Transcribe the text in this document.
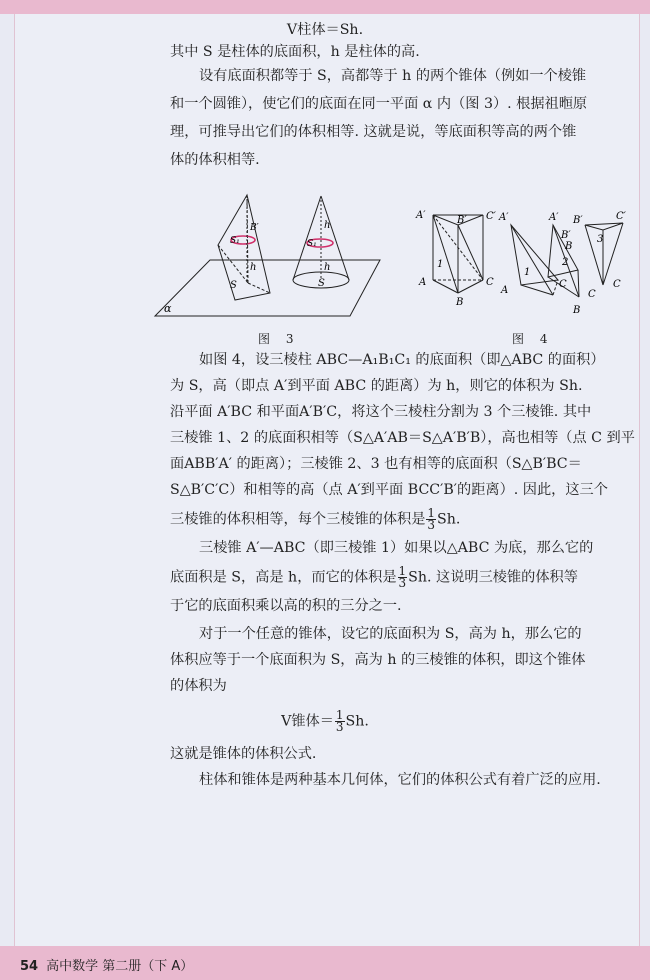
V柱体＝Sh.
其中 S 是柱体的底面积，h 是柱体的高.
设有底面积都等于 S，高都等于 h 的两个锥体（例如一个棱锥
和一个圆锥），使它们的底面在同一平面 α 内（图 3）. 根据祖暅原
理，可推导出它们的体积相等. 这就是说，等底面积等高的两个锥
体的体积相等.
S₁
B′
h
S
h
S₁
h
S
α
图 3
A′	B′ C′
A
B
C
1
A′	A′ B′	C′
B′
B
3
2
1
A
C
B
C
C
图 4
如图 4，设三棱柱 ABC—A₁B₁C₁ 的底面积（即△ABC 的面积）
为 S，高（即点 A′到平面 ABC 的距离）为 h，则它的体积为 Sh.
沿平面 A′BC 和平面A′B′C，将这个三棱柱分割为 3 个三棱锥. 其中
三棱锥 1、2 的底面积相等（S△A′AB＝S△A′B′B），高也相等（点 C 到平
面ABB′A′ 的距离）；三棱锥 2、3 也有相等的底面积（S△B′BC＝
S△B′C′C）和相等的高（点 A′到平面 BCC′B′的距离）. 因此，这三个
三棱锥的体积相等，每个三棱锥的体积是 $\frac{1}{3} Sh$.
三棱锥 A′—ABC（即三棱锥 1）如果以△ABC 为底，那么它的
底面积是 S，高是 h，而它的体积是 $\frac{1}{3} Sh$. 这说明三棱锥的体积等
于它的底面积乘以高的积的三分之一.
对于一个任意的锥体，设它的底面积为 S，高为 h，那么它的
体积应等于一个底面积为 S，高为 h 的三棱锥的体积，即这个锥体
的体积为
V锥体＝ $\frac{1}{3} Sh$.
这就是锥体的体积公式.
柱体和锥体是两种基本几何体，它们的体积公式有着广泛的应用.
54 高中数学 第二册（下 A）
